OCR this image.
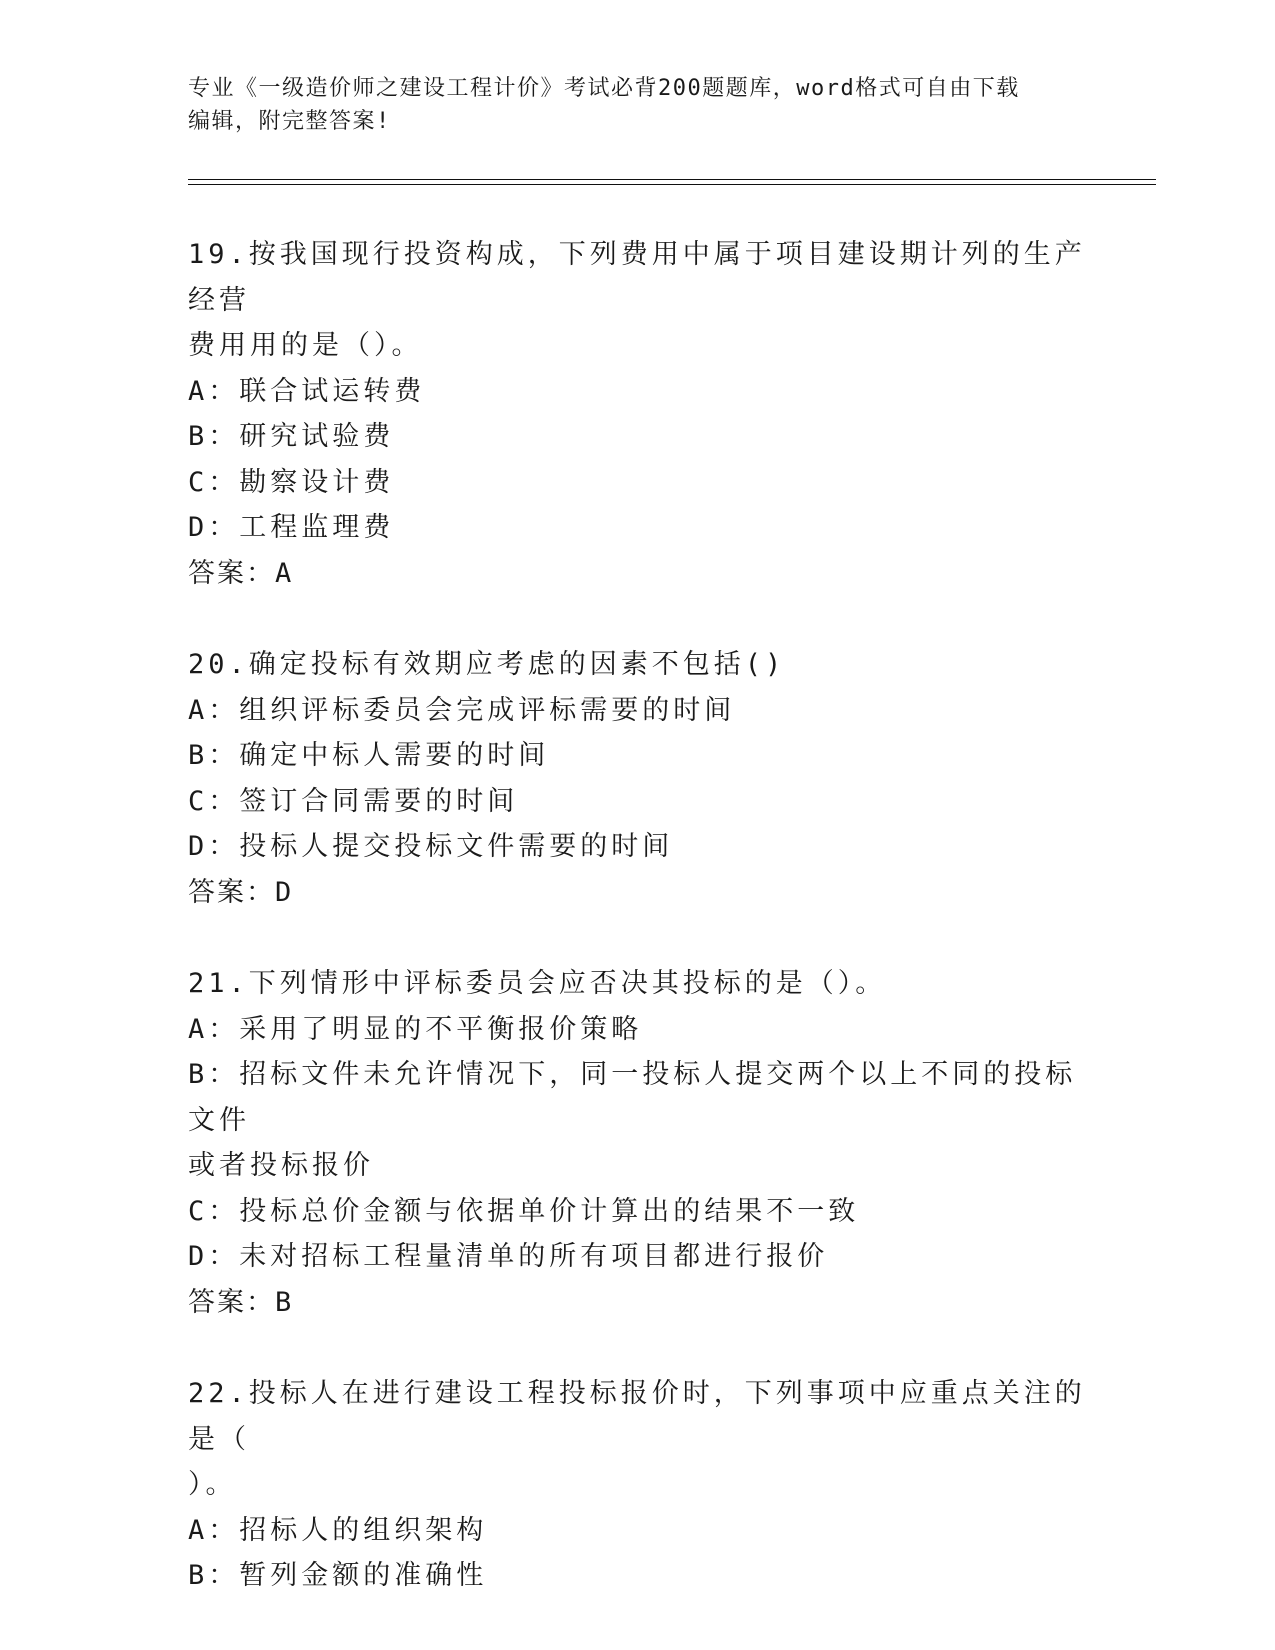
专业《一级造价师之建设工程计价》考试必背200题题库，word格式可自由下载
编辑，附完整答案!
19.按我国现行投资构成，下列费用中属于项目建设期计列的生产经营
费用用的是（）。
A：联合试运转费
B：研究试验费
C：勘察设计费
D：工程监理费
答案：A
20.确定投标有效期应考虑的因素不包括()
A：组织评标委员会完成评标需要的时间
B：确定中标人需要的时间
C：签订合同需要的时间
D：投标人提交投标文件需要的时间
答案：D
21.下列情形中评标委员会应否决其投标的是（）。
A：采用了明显的不平衡报价策略
B：招标文件未允许情况下，同一投标人提交两个以上不同的投标文件
或者投标报价
C：投标总价金额与依据单价计算出的结果不一致
D：未对招标工程量清单的所有项目都进行报价
答案：B
22.投标人在进行建设工程投标报价时，下列事项中应重点关注的是（
）。
A：招标人的组织架构
B：暂列金额的准确性
